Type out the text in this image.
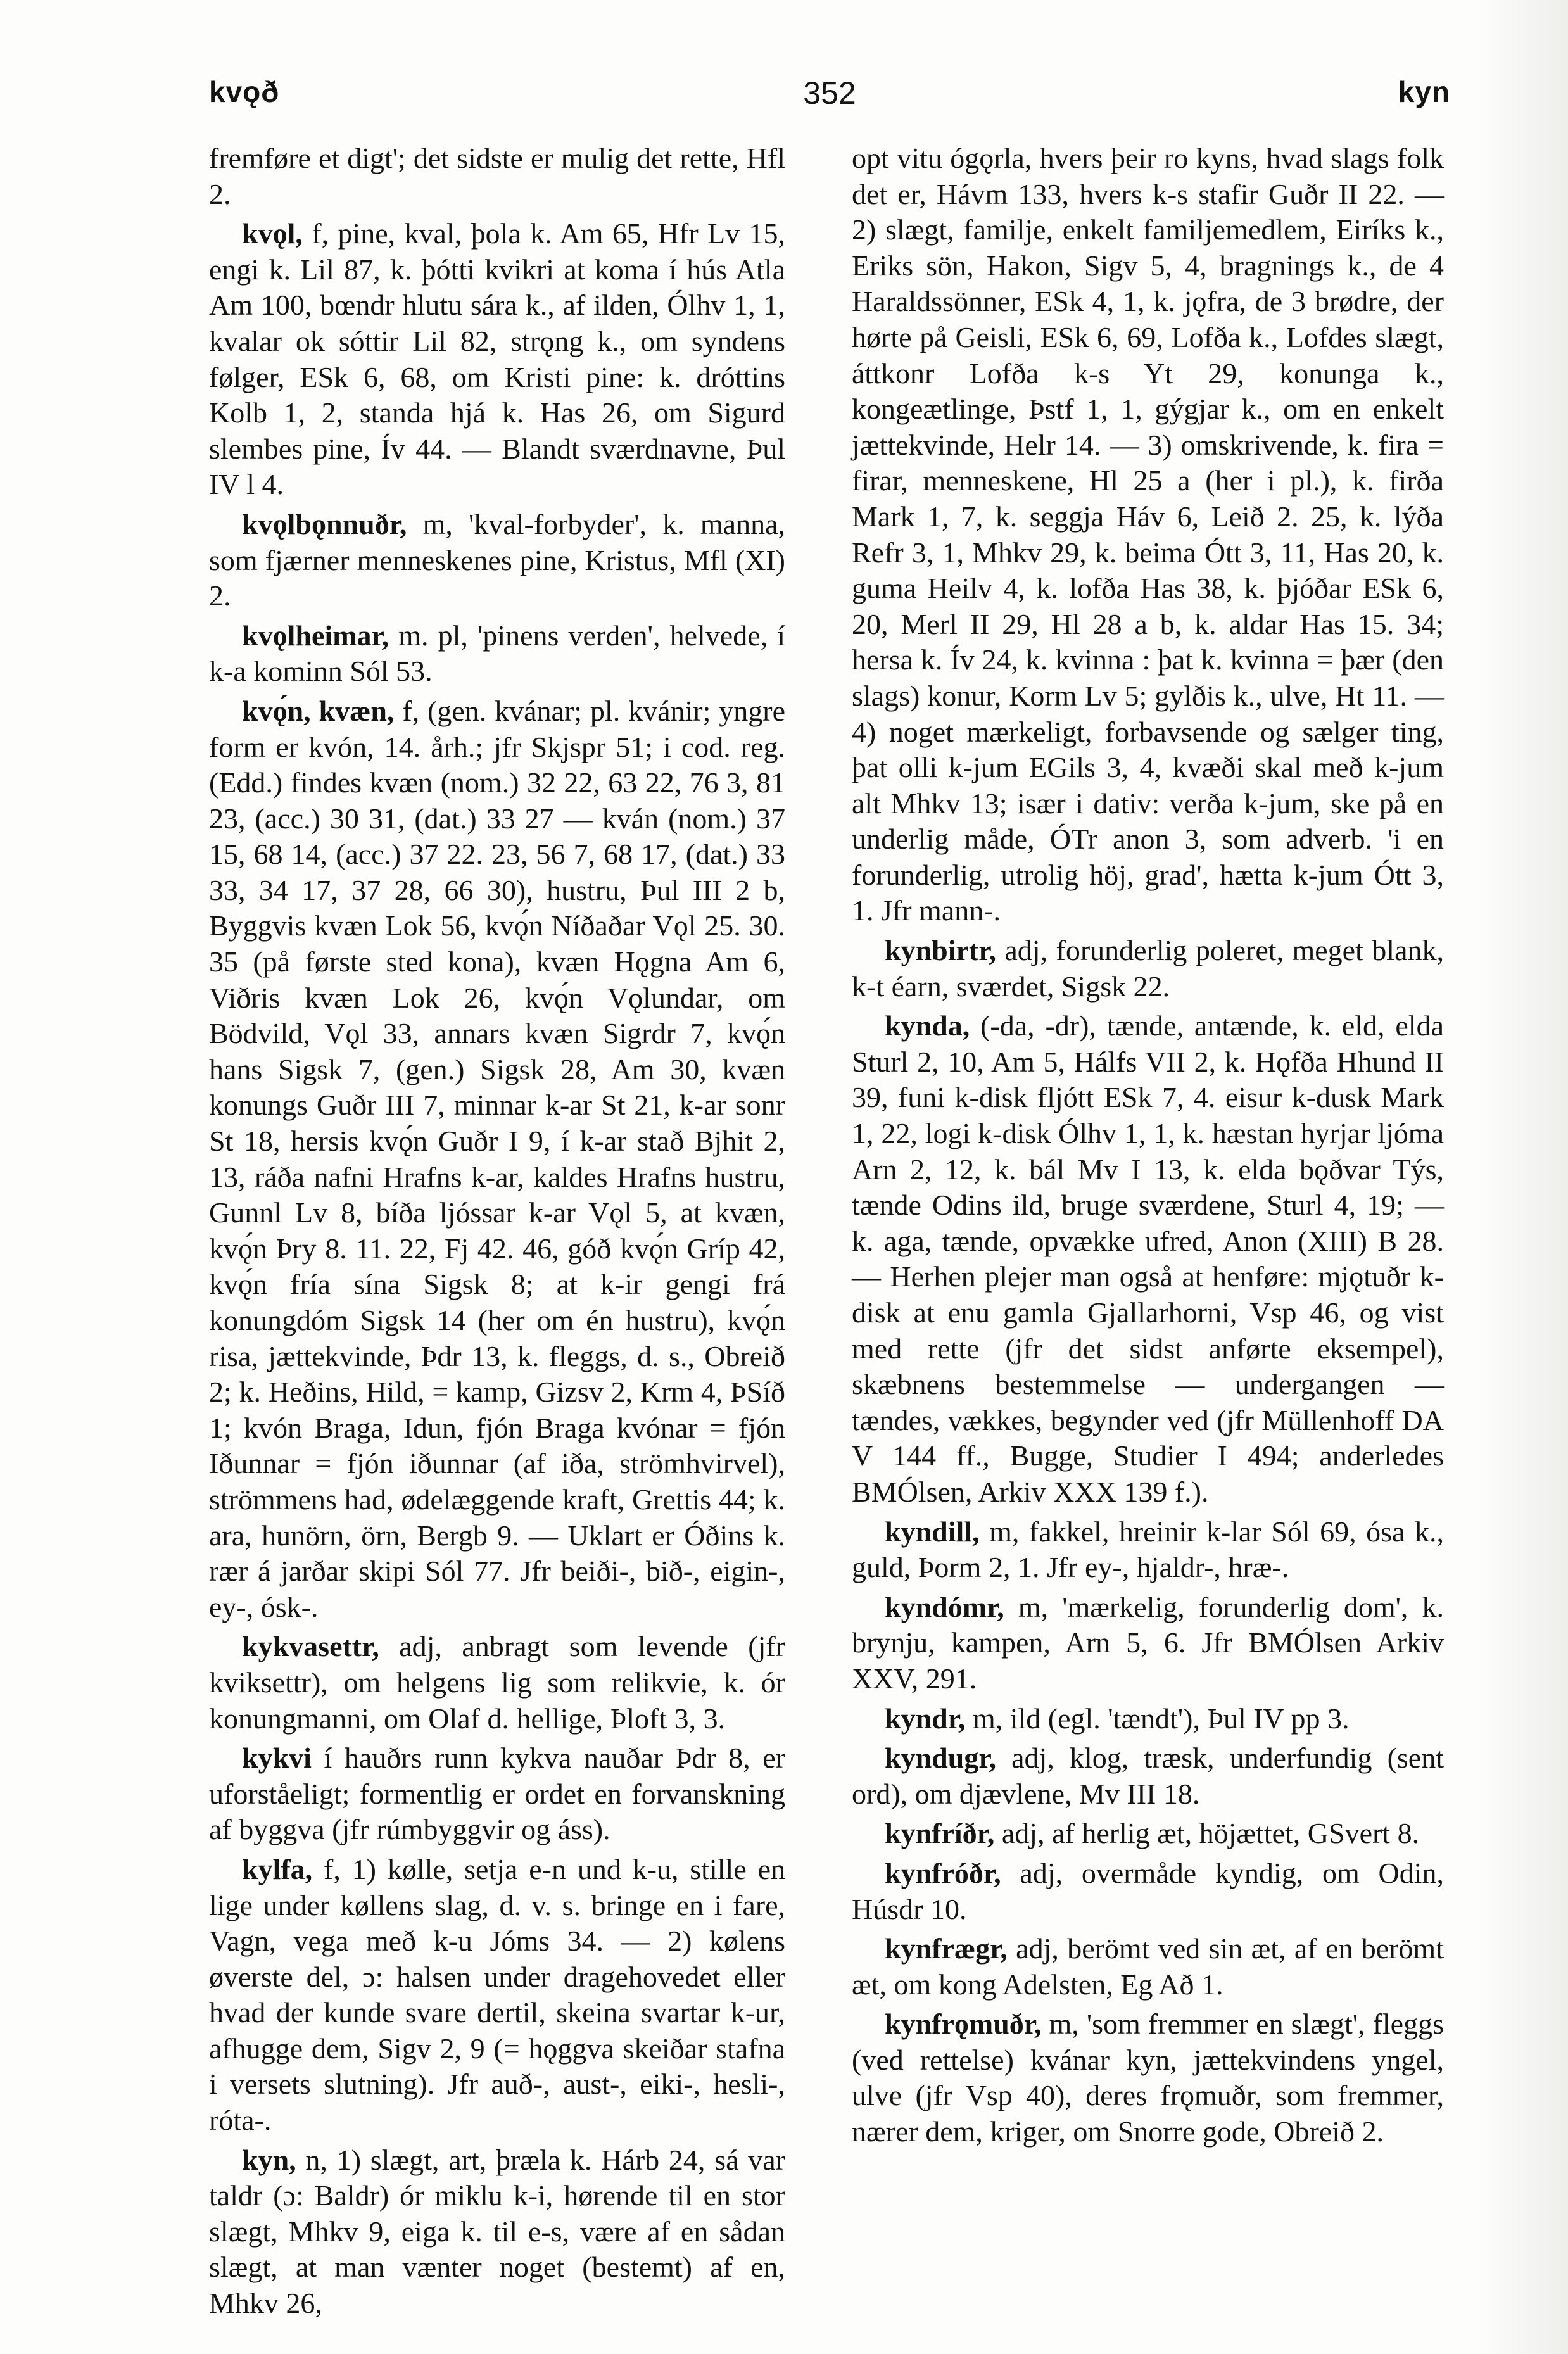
kvǫð	352	kyn

fremføre et digt'; det sidste er mulig det rette, Hfl 2.

kvǫl, f, pine, kval, þola k. Am 65, Hfr Lv 15, engi k. Lil 87, k. þótti kvikri at koma í hús Atla Am 100, bœndr hlutu sára k., af ilden, Ólhv 1, 1, kvalar ok sóttir Lil 82, strǫng k., om syndens følger, ESk 6, 68, om Kristi pine: k. dróttins Kolb 1, 2, standa hjá k. Has 26, om Sigurd slembes pine, Ív 44. — Blandt sværdnavne, Þul IV l 4.

kvǫlbǫnnuðr, m, 'kval-forbyder', k. manna, som fjærner menneskenes pine, Kristus, Mfl (XI) 2.

kvǫlheimar, m. pl, 'pinens verden', helvede, í k-a kominn Sól 53.

kvǫ́n, kvæn, f, (gen. kvánar; pl. kvánir; yngre form er kvón, 14. årh.; jfr Skjspr 51; i cod. reg. (Edd.) findes kvæn (nom.) 32 22, 63 22, 76 3, 81 23, (acc.) 30 31, (dat.) 33 27 — kván (nom.) 37 15, 68 14, (acc.) 37 22. 23, 56 7, 68 17, (dat.) 33 33, 34 17, 37 28, 66 30), hustru, Þul III 2 b, Byggvis kvæn Lok 56, kvǫ́n Níðaðar Vǫl 25. 30. 35 (på første sted kona), kvæn Hǫgna Am 6, Viðris kvæn Lok 26, kvǫ́n Vǫlundar, om Bödvild, Vǫl 33, annars kvæn Sigrdr 7, kvǫ́n hans Sigsk 7, (gen.) Sigsk 28, Am 30, kvæn konungs Guðr III 7, minnar k-ar St 21, k-ar sonr St 18, hersis kvǫ́n Guðr I 9, í k-ar stað Bjhit 2, 13, ráða nafni Hrafns k-ar, kaldes Hrafns hustru, Gunnl Lv 8, bíða ljóssar k-ar Vǫl 5, at kvæn, kvǫ́n Þry 8. 11. 22, Fj 42. 46, góð kvǫ́n Gríp 42, kvǫ́n fría sína Sigsk 8; at k-ir gengi frá konungdóm Sigsk 14 (her om én hustru), kvǫ́n risa, jættekvinde, Þdr 13, k. fleggs, d. s., Obreið 2; k. Heðins, Hild, = kamp, Gizsv 2, Krm 4, ÞSíð 1; kvón Braga, Idun, fjón Braga kvónar = fjón Iðunnar = fjón iðunnar (af iða, strömhvirvel), strömmens had, ødelæggende kraft, Grettis 44; k. ara, hunörn, örn, Bergb 9. — Uklart er Óðins k. rær á jarðar skipi Sól 77. Jfr beiði-, bið-, eigin-, ey-, ósk-.

kykvasettr, adj, anbragt som levende (jfr kviksettr), om helgens lig som relikvie, k. ór konungmanni, om Olaf d. hellige, Þloft 3, 3.

kykvi í hauðrs runn kykva nauðar Þdr 8, er uforståeligt; formentlig er ordet en forvanskning af byggva (jfr rúmbyggvir og áss).

kylfa, f, 1) kølle, setja e-n und k-u, stille en lige under køllens slag, d. v. s. bringe en i fare, Vagn, vega með k-u Jóms 34. — 2) kølens øverste del, ɔ: halsen under dragehovedet eller hvad der kunde svare dertil, skeina svartar k-ur, afhugge dem, Sigv 2, 9 (= hǫggva skeiðar stafna i versets slutning). Jfr auð-, aust-, eiki-, hesli-, róta-.

kyn, n, 1) slægt, art, þræla k. Hárb 24, sá var taldr (ɔ: Baldr) ór miklu k-i, hørende til en stor slægt, Mhkv 9, eiga k. til e-s, være af en sådan slægt, at man vænter noget (bestemt) af en, Mhkv 26,

opt vitu ógǫrla, hvers þeir ro kyns, hvad slags folk det er, Hávm 133, hvers k-s stafir Guðr II 22. — 2) slægt, familje, enkelt familjemedlem, Eiríks k., Eriks sön, Hakon, Sigv 5, 4, bragnings k., de 4 Haraldssönner, ESk 4, 1, k. jǫfra, de 3 brødre, der hørte på Geisli, ESk 6, 69, Lofða k., Lofdes slægt, áttkonr Lofða k-s Yt 29, konunga k., kongeætlinge, Þstf 1, 1, gýgjar k., om en enkelt jættekvinde, Helr 14. — 3) omskrivende, k. fira = firar, menneskene, Hl 25 a (her i pl.), k. firða Mark 1, 7, k. seggja Háv 6, Leið 2. 25, k. lýða Refr 3, 1, Mhkv 29, k. beima Ótt 3, 11, Has 20, k. guma Heilv 4, k. lofða Has 38, k. þjóðar ESk 6, 20, Merl II 29, Hl 28 a b, k. aldar Has 15. 34; hersa k. Ív 24, k. kvinna : þat k. kvinna = þær (den slags) konur, Korm Lv 5; gylðis k., ulve, Ht 11. — 4) noget mærkeligt, forbavsende og sælger ting, þat olli k-jum EGils 3, 4, kvæði skal með k-jum alt Mhkv 13; især i dativ: verða k-jum, ske på en underlig måde, ÓTr anon 3, som adverb. 'i en forunderlig, utrolig höj, grad', hætta k-jum Ótt 3, 1. Jfr mann-.

kynbirtr, adj, forunderlig poleret, meget blank, k-t éarn, sværdet, Sigsk 22.

kynda, (-da, -dr), tænde, antænde, k. eld, elda Sturl 2, 10, Am 5, Hálfs VII 2, k. Hǫfða Hhund II 39, funi k-disk fljótt ESk 7, 4. eisur k-dusk Mark 1, 22, logi k-disk Ólhv 1, 1, k. hæstan hyrjar ljóma Arn 2, 12, k. bál Mv I 13, k. elda bǫðvar Týs, tænde Odins ild, bruge sværdene, Sturl 4, 19; — k. aga, tænde, opvække ufred, Anon (XIII) B 28. — Herhen plejer man også at henføre: mjǫtuðr k-disk at enu gamla Gjallarhorni, Vsp 46, og vist med rette (jfr det sidst anførte eksempel), skæbnens bestemmelse — undergangen — tændes, vækkes, begynder ved (jfr Müllenhoff DA V 144 ff., Bugge, Studier I 494; anderledes BMÓlsen, Arkiv XXX 139 f.).

kyndill, m, fakkel, hreinir k-lar Sól 69, ósa k., guld, Þorm 2, 1. Jfr ey-, hjaldr-, hræ-.

kyndómr, m, 'mærkelig, forunderlig dom', k. brynju, kampen, Arn 5, 6. Jfr BMÓlsen Arkiv XXV, 291.

kyndr, m, ild (egl. 'tændt'), Þul IV pp 3.

kyndugr, adj, klog, træsk, underfundig (sent ord), om djævlene, Mv III 18.

kynfríðr, adj, af herlig æt, höjættet, GSvert 8.

kynfróðr, adj, overmåde kyndig, om Odin, Húsdr 10.

kynfrægr, adj, berömt ved sin æt, af en berömt æt, om kong Adelsten, Eg Að 1.

kynfrǫmuðr, m, 'som fremmer en slægt', fleggs (ved rettelse) kvánar kyn, jættekvindens yngel, ulve (jfr Vsp 40), deres frǫmuðr, som fremmer, nærer dem, kriger, om Snorre gode, Obreið 2.
